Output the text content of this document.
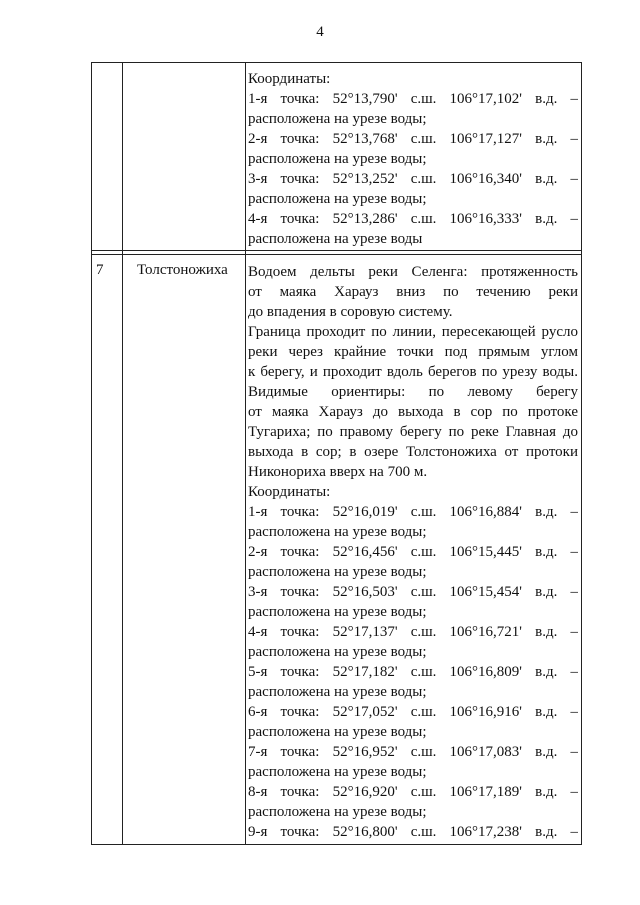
4
Координаты:
1-я точка: 52°13,790' с.ш. 106°17,102' в.д. –
расположена на урезе воды;
2-я точка: 52°13,768' с.ш. 106°17,127' в.д. –
расположена на урезе воды;
3-я точка: 52°13,252' с.ш. 106°16,340' в.д. –
расположена на урезе воды;
4-я точка: 52°13,286' с.ш. 106°16,333' в.д. –
расположена на урезе воды
7 Толстоножиха Водоем дельты реки Селенга: протяженность
от маяка Харауз вниз по течению реки
до впадения в соровую систему.
Граница проходит по линии, пересекающей русло
реки через крайние точки под прямым углом
к берегу, и проходит вдоль берегов по урезу воды.
Видимые ориентиры: по левому берегу
от маяка Харауз до выхода в сор по протоке
Тугариха; по правому берегу по реке Главная до
выхода в сор; в озере Толстоножиха от протоки
Никонориха вверх на 700 м.
Координаты:
1-я точка: 52°16,019' с.ш. 106°16,884' в.д. –
расположена на урезе воды;
2-я точка: 52°16,456' с.ш. 106°15,445' в.д. –
расположена на урезе воды;
3-я точка: 52°16,503' с.ш. 106°15,454' в.д. –
расположена на урезе воды;
4-я точка: 52°17,137' с.ш. 106°16,721' в.д. –
расположена на урезе воды;
5-я точка: 52°17,182' с.ш. 106°16,809' в.д. –
расположена на урезе воды;
6-я точка: 52°17,052' с.ш. 106°16,916' в.д. –
расположена на урезе воды;
7-я точка: 52°16,952' с.ш. 106°17,083' в.д. –
расположена на урезе воды;
8-я точка: 52°16,920' с.ш. 106°17,189' в.д. –
расположена на урезе воды;
9-я точка: 52°16,800' с.ш. 106°17,238' в.д. –
